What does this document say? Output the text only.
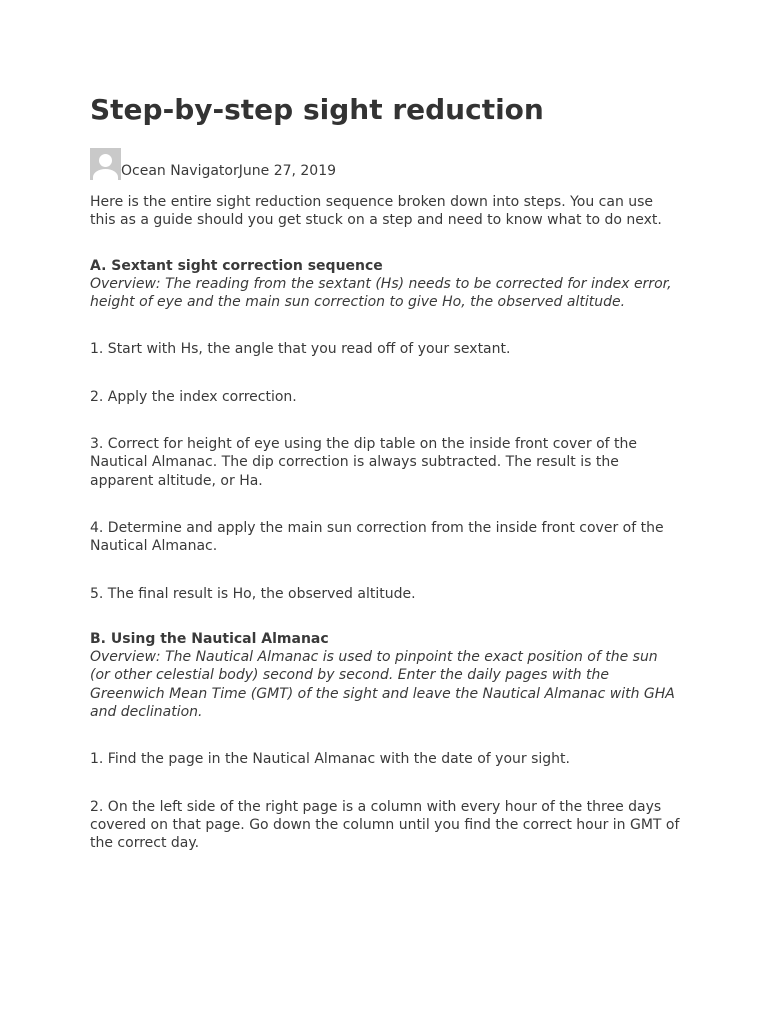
Step-by-step sight reduction
Ocean NavigatorJune 27, 2019

Here is the entire sight reduction sequence broken down into steps. You can use this as a guide should you get stuck on a step and need to know what to do next.

A. Sextant sight correction sequence

Overview: The reading from the sextant (Hs) needs to be corrected for index error, height of eye and the main sun correction to give Ho, the observed altitude.

1. Start with Hs, the angle that you read off of your sextant.

2. Apply the index correction.

3. Correct for height of eye using the dip table on the inside front cover of the Nautical Almanac. The dip correction is always subtracted. The result is the apparent altitude, or Ha.

4. Determine and apply the main sun correction from the inside front cover of the Nautical Almanac.

5. The final result is Ho, the observed altitude.

B. Using the Nautical Almanac

Overview: The Nautical Almanac is used to pinpoint the exact position of the sun (or other celestial body) second by second. Enter the daily pages with the Greenwich Mean Time (GMT) of the sight and leave the Nautical Almanac with GHA and declination.

1. Find the page in the Nautical Almanac with the date of your sight.

2. On the left side of the right page is a column with every hour of the three days covered on that page. Go down the column until you find the correct hour in GMT of the correct day.
